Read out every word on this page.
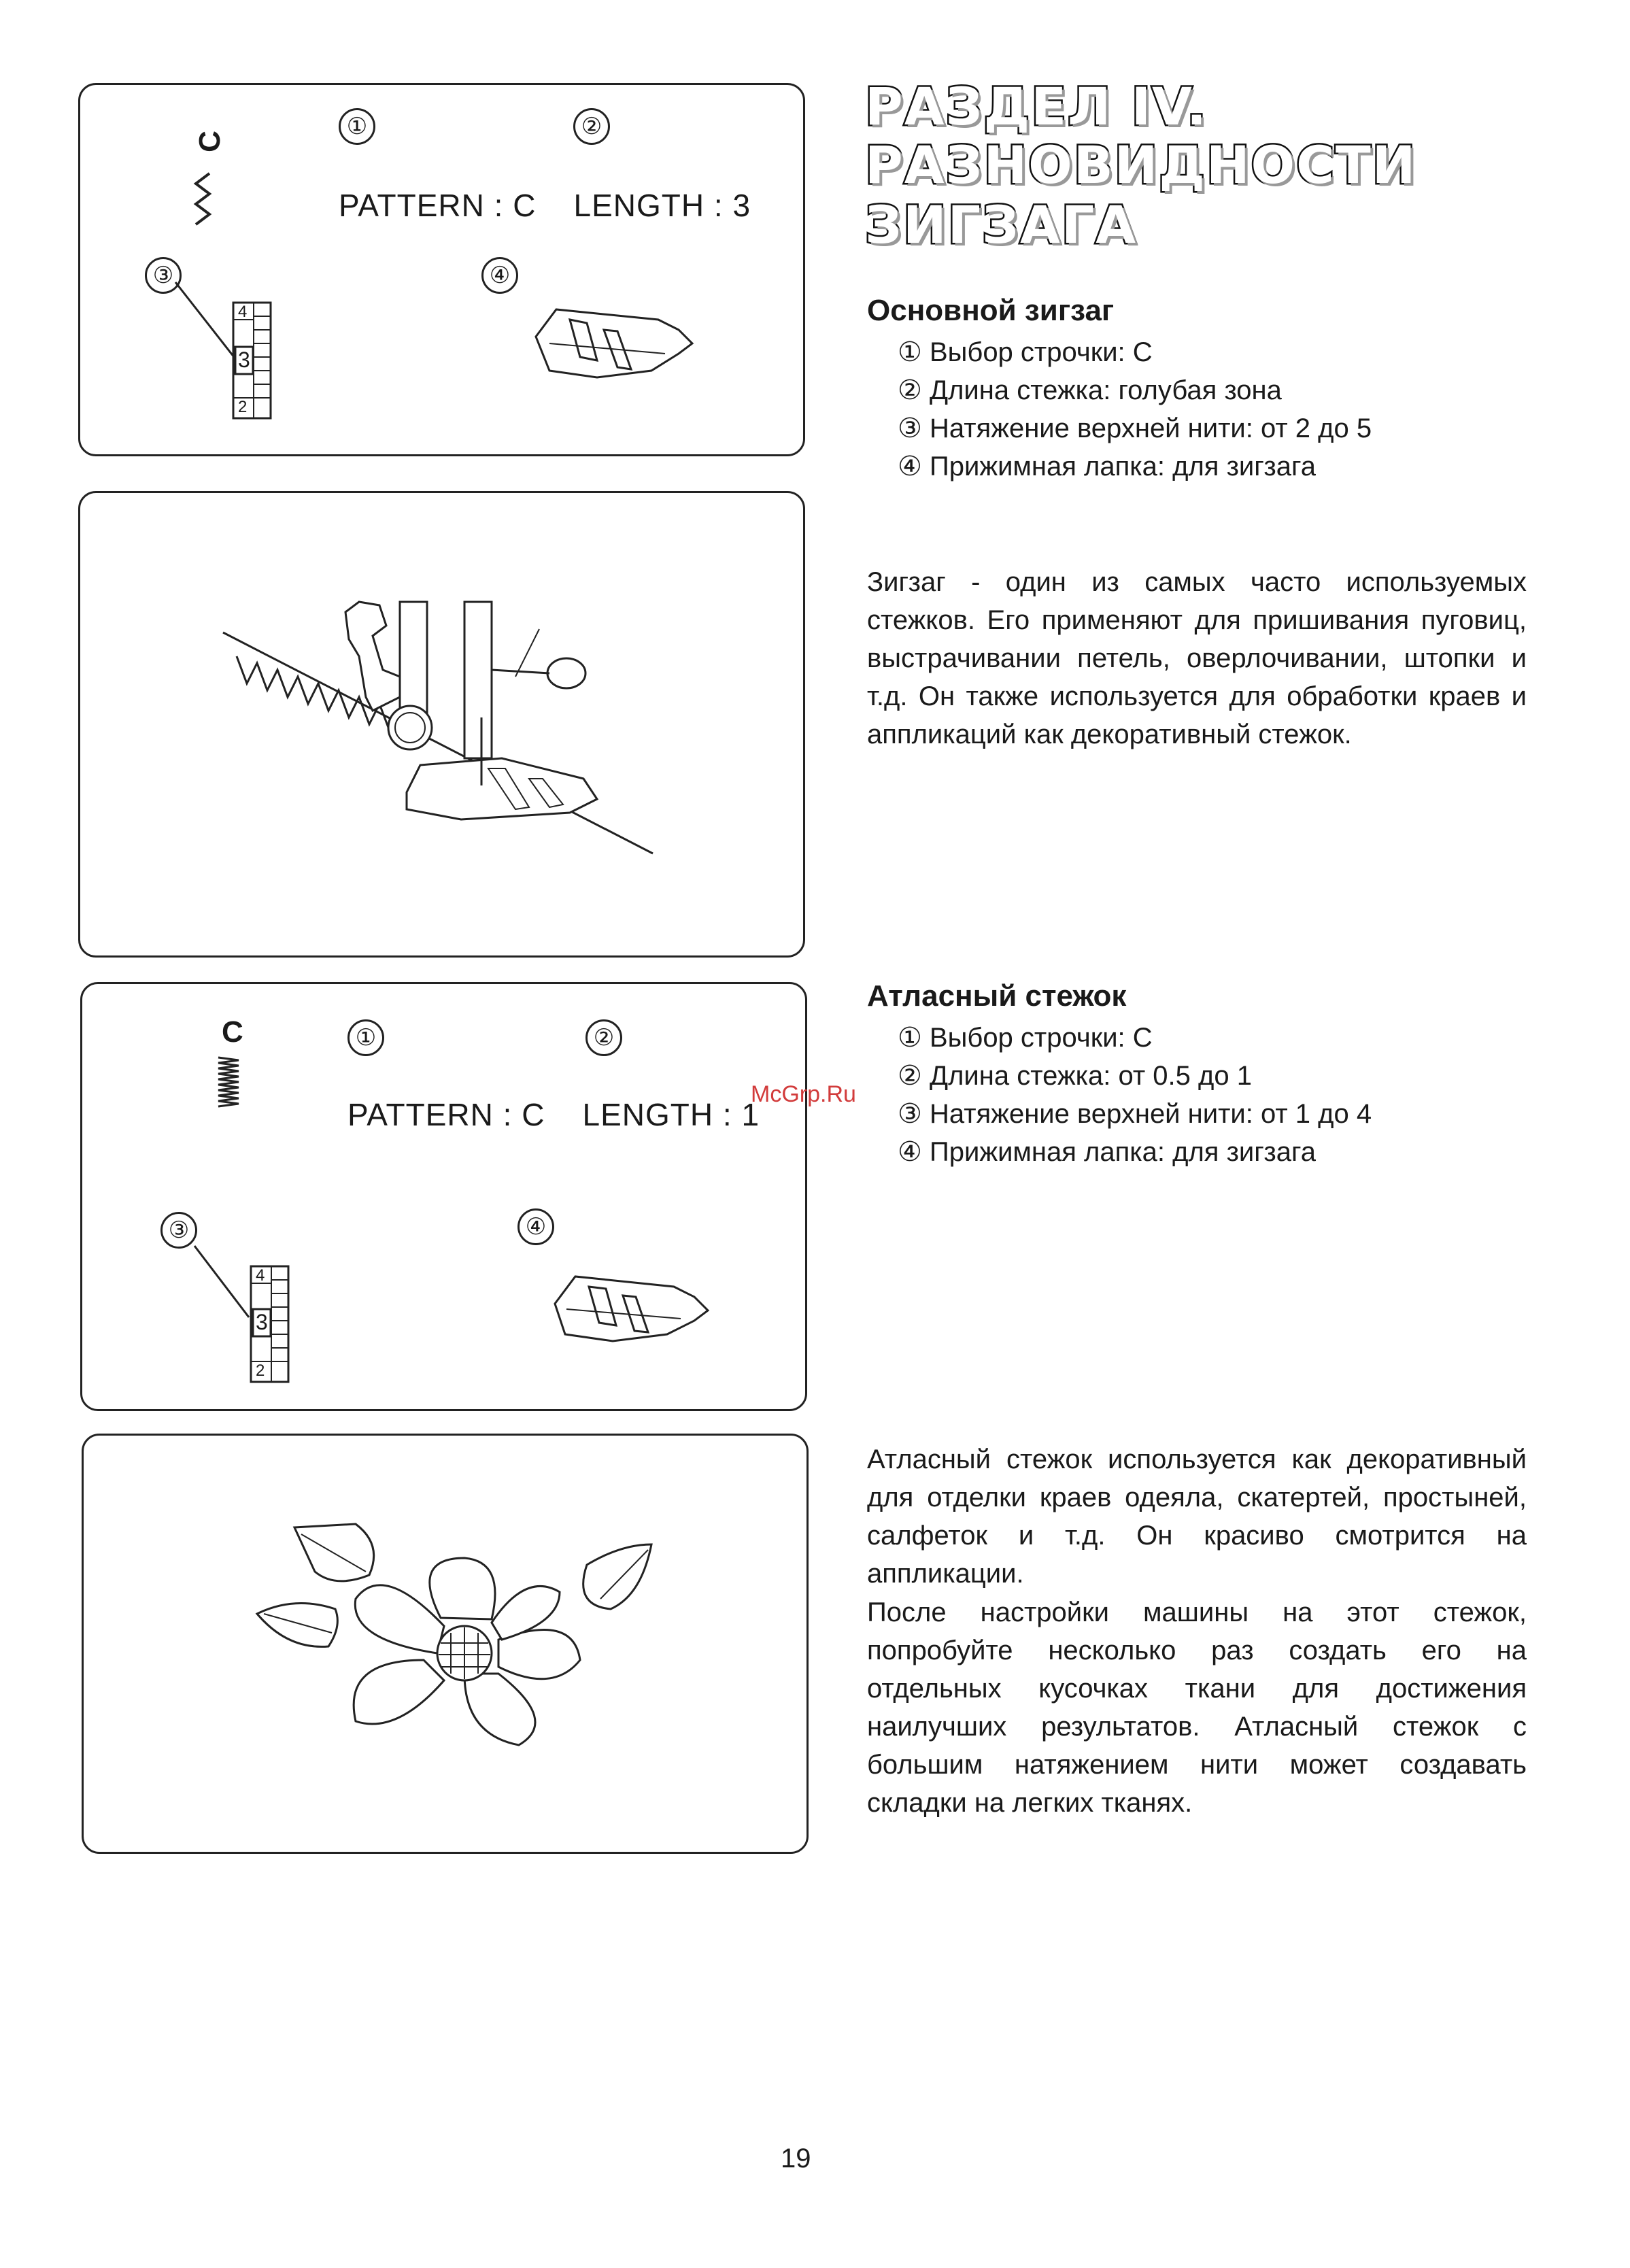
C
①	②
PATTERN : C    LENGTH : 3
③	④
4
3
2
C	①	②
PATTERN : C    LENGTH : 1
③	④
4
3
2
РАЗДЕЛ IV.
РАЗНОВИДНОСТИ
ЗИГЗАГА
Основной зигзаг
① Выбор строчки: C
② Длина стежка: голубая зона
③ Натяжение верхней нити: от 2 до 5
④ Прижимная лапка: для зигзага

Зигзаг - один из самых часто используемых стежков. Его применяют для пришивания пуговиц, выстрачивании петель, оверлочивании, штопки и т.д. Он также используется для обработки краев и аппликаций как декоративный стежок.

Атласный стежок
① Выбор строчки: C
② Длина стежка: от 0.5 до 1
③ Натяжение верхней нити: от 1 до 4
④ Прижимная лапка: для зигзага

Атласный стежок используется как декоративный для отделки краев одеяла, скатертей, простыней, салфеток и т.д. Он красиво смотрится на аппликации.

После настройки машины на этот стежок, попробуйте несколько раз создать его на отдельных кусочках ткани для достижения наилучших результатов. Атласный стежок с большим натяжением нити может создавать складки на легких тканях.

McGrp.Ru
19
